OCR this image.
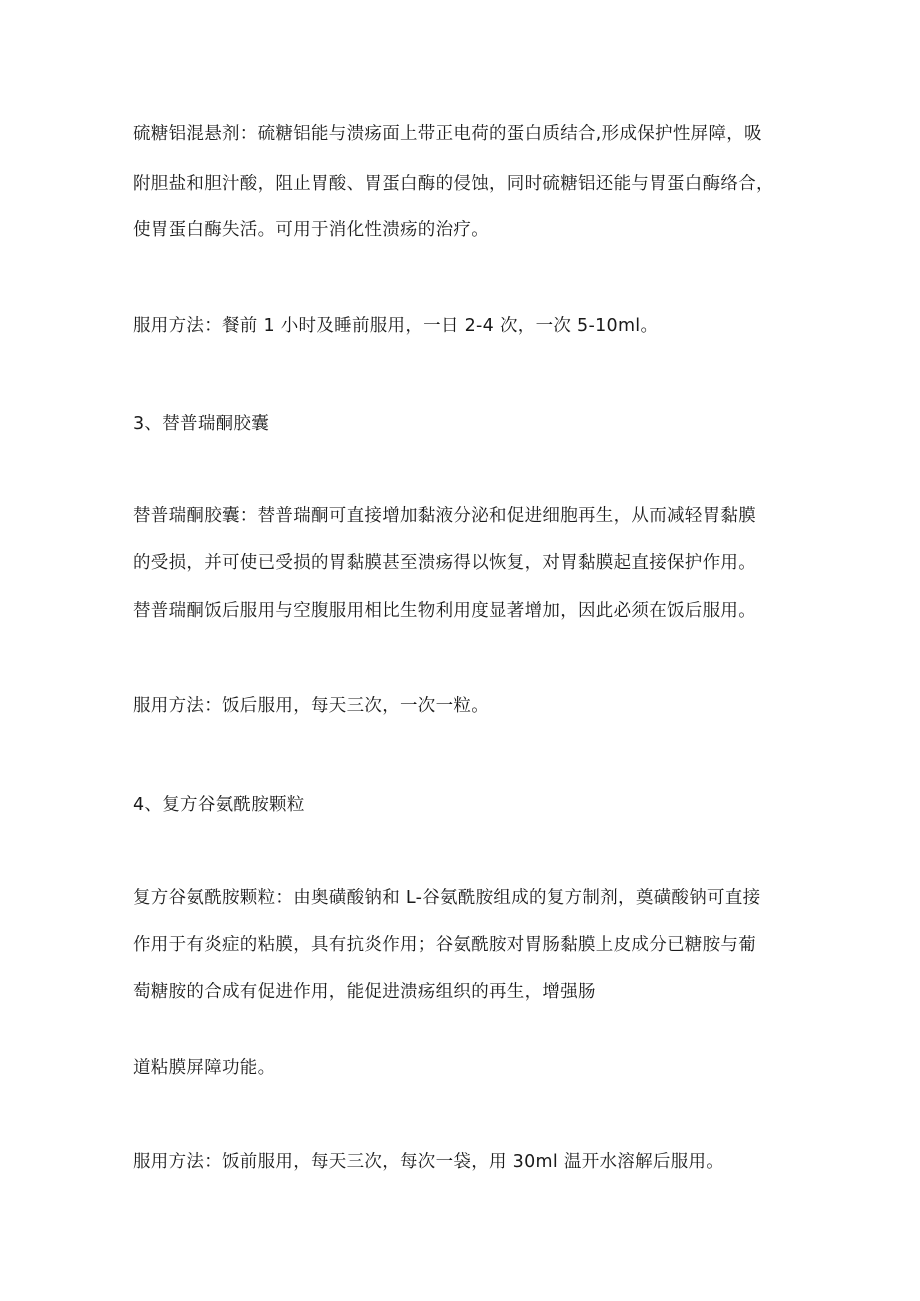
硫糖铝混悬剂：硫糖铝能与溃疡面上带正电荷的蛋白质结合,形成保护性屏障，吸

附胆盐和胆汁酸，阻止胃酸、胃蛋白酶的侵蚀，同时硫糖铝还能与胃蛋白酶络合，

使胃蛋白酶失活。可用于消化性溃疡的治疗。

服用方法：餐前 1 小时及睡前服用，一日 2-4 次，一次 5-10ml。

3、替普瑞酮胶囊

替普瑞酮胶囊：替普瑞酮可直接增加黏液分泌和促进细胞再生，从而减轻胃黏膜

的受损，并可使已受损的胃黏膜甚至溃疡得以恢复，对胃黏膜起直接保护作用。

替普瑞酮饭后服用与空腹服用相比生物利用度显著增加，因此必须在饭后服用。

服用方法：饭后服用，每天三次，一次一粒。

4、复方谷氨酰胺颗粒

复方谷氨酰胺颗粒：由奥磺酸钠和 L-谷氨酰胺组成的复方制剂，奠磺酸钠可直接

作用于有炎症的粘膜，具有抗炎作用；谷氨酰胺对胃肠黏膜上皮成分已糖胺与葡

萄糖胺的合成有促进作用，能促进溃疡组织的再生，增强肠

道粘膜屏障功能。

服用方法：饭前服用，每天三次，每次一袋，用 30ml 温开水溶解后服用。
